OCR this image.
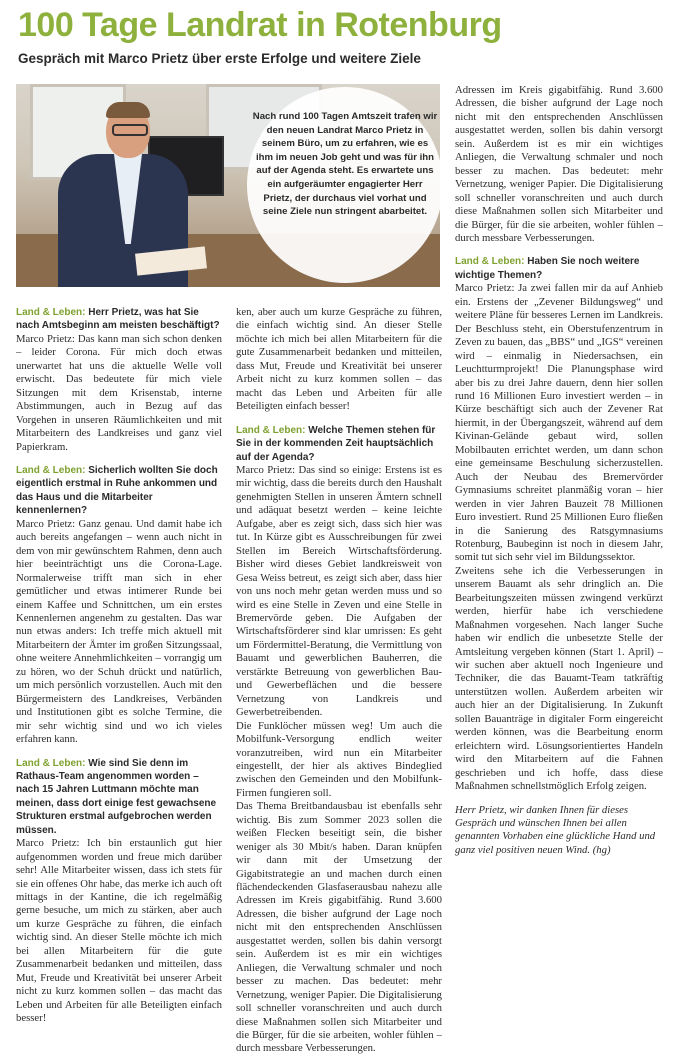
100 Tage Landrat in Rotenburg
Gespräch mit Marco Prietz über erste Erfolge und weitere Ziele
Nach rund 100 Tagen Amtszeit trafen wir den neuen Landrat Marco Prietz in seinem Büro, um zu erfahren, wie es ihm im neuen Job geht und was für ihn auf der Agenda steht. Es erwartete uns ein aufgeräumter engagierter Herr Prietz, der durchaus viel vorhat und seine Ziele nun stringent abarbeitet.

Land & Leben: Herr Prietz, was hat Sie nach Amtsbeginn am meisten beschäftigt?

Marco Prietz: Das kann man sich schon denken – leider Corona. Für mich doch etwas unerwartet hat uns die aktuelle Welle voll erwischt. Das bedeutete für mich viele Sitzungen mit dem Krisenstab, interne Abstimmungen, auch in Bezug auf das Vorgehen in unseren Räumlichkeiten und mit Mitarbeitern des Landkreises und ganz viel Papierkram.

Land & Leben: Sicherlich wollten Sie doch eigentlich erstmal in Ruhe ankommen und das Haus und die Mitarbeiter kennenlernen?

Marco Prietz: Ganz genau. Und damit habe ich auch bereits angefangen – wenn auch nicht in dem von mir gewünschtem Rahmen, denn auch hier beeinträchtigt uns die Corona-Lage. Normalerweise trifft man sich in eher gemütlicher und etwas intimerer Runde bei einem Kaffee und Schnittchen, um ein erstes Kennenlernen angenehm zu gestalten. Das war nun etwas anders: Ich treffe mich aktuell mit Mitarbeitern der Ämter im großen Sitzungssaal, ohne weitere Annehmlichkeiten – vorrangig um zu hören, wo der Schuh drückt und natürlich, um mich persönlich vorzustellen. Auch mit den Bürgermeistern des Landkreises, Verbänden und Institutionen gibt es solche Termine, die mir sehr wichtig sind und wo ich vieles erfahren kann.

Land & Leben: Wie sind Sie denn im Rathaus-Team angenommen worden – nach 15 Jahren Luttmann möchte man meinen, dass dort einige fest gewachsene Strukturen erstmal aufgebrochen werden müssen.

Marco Prietz: Ich bin erstaunlich gut hier aufgenommen worden und freue mich darüber sehr! Alle Mitarbeiter wissen, dass ich stets für sie ein offenes Ohr habe, das merke ich auch oft mittags in der Kantine, die ich regelmäßig gerne besuche, um mich zu stärken, aber auch um kurze Gespräche zu führen, die einfach wichtig sind. An dieser Stelle möchte ich mich bei allen Mitarbeitern für die gute Zusammenarbeit bedanken und mitteilen, dass Mut, Freude und Kreativität bei unserer Arbeit nicht zu kurz kommen sollen – das macht das Leben und Arbeiten für alle Beteiligten einfach besser!

ken, aber auch um kurze Gespräche zu führen, die einfach wichtig sind. An dieser Stelle möchte ich mich bei allen Mitarbeitern für die gute Zusammenarbeit bedanken und mitteilen, dass Mut, Freude und Kreativität bei unserer Arbeit nicht zu kurz kommen sollen – das macht das Leben und Arbeiten für alle Beteiligten einfach besser!

Land & Leben: Welche Themen stehen für Sie in der kommenden Zeit hauptsächlich auf der Agenda?

Marco Prietz: Das sind so einige: Erstens ist es mir wichtig, dass die bereits durch den Haushalt genehmigten Stellen in unseren Ämtern schnell und adäquat besetzt werden – keine leichte Aufgabe, aber es zeigt sich, dass sich hier was tut. In Kürze gibt es Ausschreibungen für zwei Stellen im Bereich Wirtschaftsförderung. Bisher wird dieses Gebiet landkreisweit von Gesa Weiss betreut, es zeigt sich aber, dass hier von uns noch mehr getan werden muss und so wird es eine Stelle in Zeven und eine Stelle in Bremervörde geben. Die Aufgaben der Wirtschaftsförderer sind klar umrissen: Es geht um Fördermittel-Beratung, die Vermittlung von Bauamt und gewerblichen Bauherren, die verstärkte Betreuung von gewerblichen Bau- und Gewerbeflächen und die bessere Vernetzung von Landkreis und Gewerbetreibenden.

Die Funklöcher müssen weg! Um auch die Mobilfunk-Versorgung endlich weiter voranzutreiben, wird nun ein Mitarbeiter eingestellt, der hier als aktives Bindeglied zwischen den Gemeinden und den Mobilfunk-Firmen fungieren soll.

Das Thema Breitbandausbau ist ebenfalls sehr wichtig. Bis zum Sommer 2023 sollen die weißen Flecken beseitigt sein, die bisher weniger als 30 Mbit/s haben. Daran knüpfen wir dann mit der Umsetzung der Gigabitstrategie an und machen durch einen flächendeckenden Glasfaserausbau nahezu alle Adressen im Kreis gigabitfähig. Rund 3.600 Adressen, die bisher aufgrund der Lage noch nicht mit den entsprechenden Anschlüssen ausgestattet werden, sollen bis dahin versorgt sein. Außerdem ist es mir ein wichtiges Anliegen, die Verwaltung schmaler und noch besser zu machen. Das bedeutet: mehr Vernetzung, weniger Papier. Die Digitalisierung soll schneller voranschreiten und auch durch diese Maßnahmen sollen sich Mitarbeiter und die Bürger, für die sie arbeiten, wohler fühlen – durch messbare Verbesserungen.

Adressen im Kreis gigabitfähig. Rund 3.600 Adressen, die bisher aufgrund der Lage noch nicht mit den entsprechenden Anschlüssen ausgestattet werden, sollen bis dahin versorgt sein. Außerdem ist es mir ein wichtiges Anliegen, die Verwaltung schmaler und noch besser zu machen. Das bedeutet: mehr Vernetzung, weniger Papier. Die Digitalisierung soll schneller voranschreiten und auch durch diese Maßnahmen sollen sich Mitarbeiter und die Bürger, für die sie arbeiten, wohler fühlen – durch messbare Verbesserungen.

Land & Leben: Haben Sie noch weitere wichtige Themen?

Marco Prietz: Ja zwei fallen mir da auf Anhieb ein. Erstens der „Zevener Bildungsweg“ und weitere Pläne für besseres Lernen im Landkreis. Der Beschluss steht, ein Oberstufenzentrum in Zeven zu bauen, das „BBS“ und „IGS“ vereinen wird – einmalig in Niedersachsen, ein Leuchtturmprojekt! Die Planungsphase wird aber bis zu drei Jahre dauern, denn hier sollen rund 16 Millionen Euro investiert werden – in Kürze beschäftigt sich auch der Zevener Rat hiermit, in der Übergangszeit, während auf dem Kivinan-Gelände gebaut wird, sollen Mobilbauten errichtet werden, um dann schon eine gemeinsame Beschulung sicherzustellen. Auch der Neubau des Bremervörder Gymnasiums schreitet planmäßig voran – hier werden in vier Jahren Bauzeit 78 Millionen Euro investiert. Rund 25 Millionen Euro fließen in die Sanierung des Ratsgymnasiums Rotenburg, Baubeginn ist noch in diesem Jahr, somit tut sich sehr viel im Bildungssektor.

Zweitens sehe ich die Verbesserungen in unserem Bauamt als sehr dringlich an. Die Bearbeitungszeiten müssen zwingend verkürzt werden, hierfür habe ich verschiedene Maßnahmen vorgesehen. Nach langer Suche haben wir endlich die unbesetzte Stelle der Amtsleitung vergeben können (Start 1. April) – wir suchen aber aktuell noch Ingenieure und Techniker, die das Bauamt-Team tatkräftig unterstützen wollen. Außerdem arbeiten wir auch hier an der Digitalisierung. In Zukunft sollen Bauanträge in digitaler Form eingereicht werden können, was die Bearbeitung enorm erleichtern wird. Lösungsorientiertes Handeln wird den Mitarbeitern auf die Fahnen geschrieben und ich hoffe, dass diese Maßnahmen schnellstmöglich Erfolg zeigen.

Herr Prietz, wir danken Ihnen für dieses Gespräch und wünschen Ihnen bei allen genannten Vorhaben eine glückliche Hand und ganz viel positiven neuen Wind. (hg)
